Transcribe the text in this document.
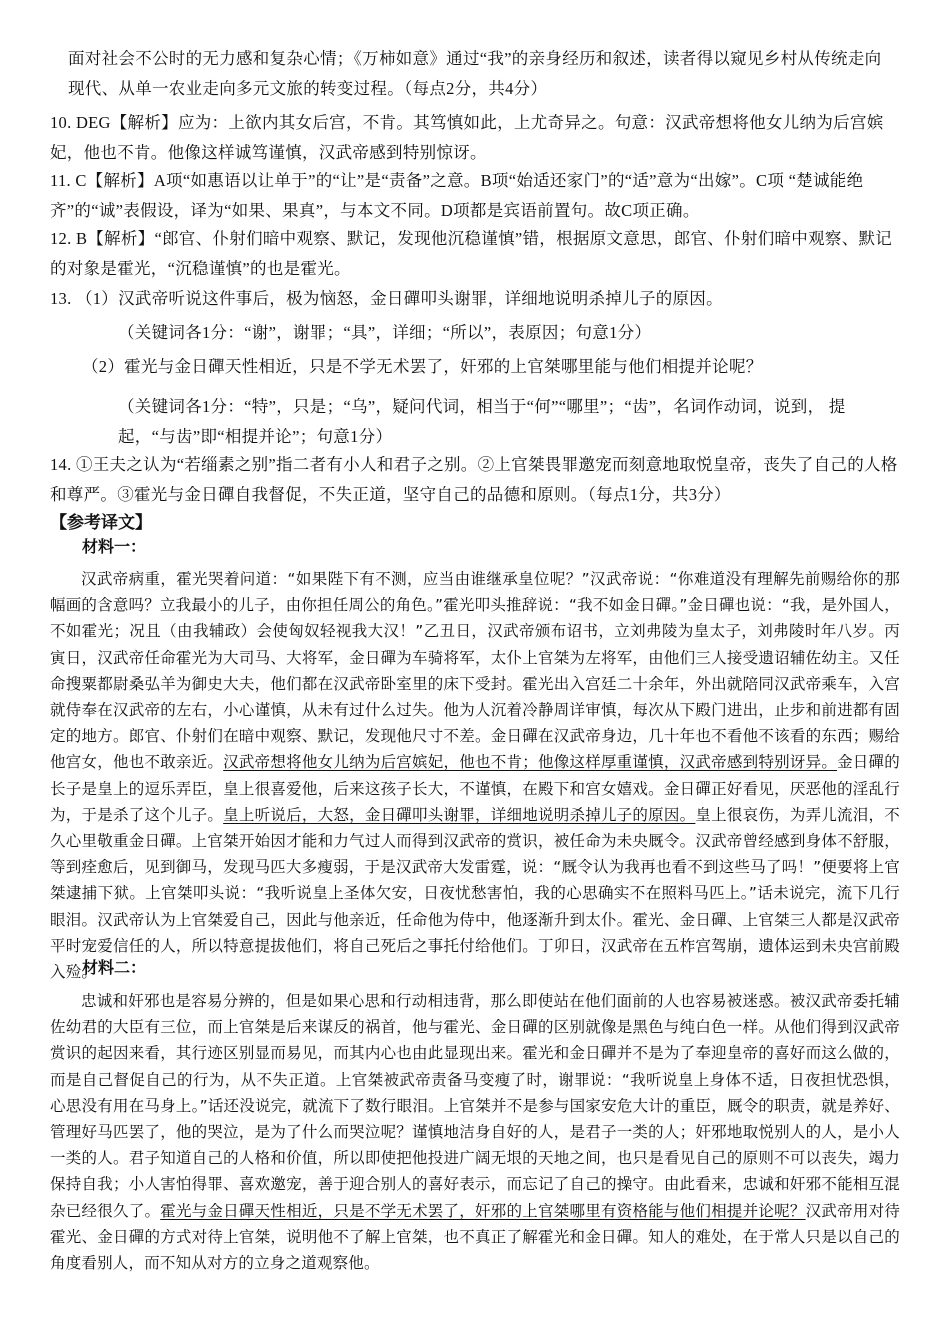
面对社会不公时的无力感和复杂心情；《万柿如意》通过“我”的亲身经历和叙述，读者得以窥见乡村从传统走向现代、从单一农业走向多元文旅的转变过程。（每点2分，共4分）
10. DEG【解析】应为：上欲内其女后宫，不肯。其笃慎如此，上尤奇异之。句意：汉武帝想将他女儿纳为后宫嫔妃，他也不肯。他像这样诚笃谨慎，汉武帝感到特别惊讶。
11. C【解析】A项“如惠语以让单于”的“让”是“责备”之意。B项“始适还家门”的“适”意为“出嫁”。C项 “楚诚能绝齐”的“诚”表假设，译为“如果、果真”，与本文不同。D项都是宾语前置句。故C项正确。
12. B【解析】“郎官、仆射们暗中观察、默记，发现他沉稳谨慎”错，根据原文意思，郎官、仆射们暗中观察、默记 的对象是霍光，“沉稳谨慎”的也是霍光。
13. （1）汉武帝听说这件事后，极为恼怒，金日磾叩头谢罪，详细地说明杀掉儿子的原因。
（关键词各1分：“谢”，谢罪；“具”，详细；“所以”，表原因；句意1分）
（2）霍光与金日磾天性相近，只是不学无术罢了，奸邪的上官桀哪里能与他们相提并论呢？
（关键词各1分：“特”，只是；“乌”，疑问代词，相当于“何”“哪里”；“齿”，名词作动词，说到， 提起，“与齿”即“相提并论”；句意1分）
14. ①王夫之认为“若缁素之别”指二者有小人和君子之别。②上官桀畏罪邀宠而刻意地取悦皇帝，丧失了自己的人格 和尊严。③霍光与金日磾自我督促，不失正道，坚守自己的品德和原则。（每点1分，共3分）
【参考译文】
材料一：
汉武帝病重，霍光哭着问道：“如果陛下有不测，应当由谁继承皇位呢？”汉武帝说：“你难道没有理解先前赐给你的那幅画的含意吗？立我最小的儿子，由你担任周公的角色。”霍光叩头推辞说：“我不如金日磾。”金日磾也说：“我，是外国人，不如霍光；况且（由我辅政）会使匈奴轻视我大汉！”乙丑日，汉武帝颁布诏书，立刘弗陵为皇太子，刘弗陵时年八岁。丙寅日，汉武帝任命霍光为大司马、大将军，金日磾为车骑将军，太仆上官桀为左将军，由他们三人接受遗诏辅佐幼主。又任命搜粟都尉桑弘羊为御史大夫，他们都在汉武帝卧室里的床下受封。霍光出入宫廷二十余年，外出就陪同汉武帝乘车，入宫就侍奉在汉武帝的左右，小心谨慎，从未有过什么过失。他为人沉着冷静周详审慎，每次从下殿门进出，止步和前进都有固定的地方。郎官、仆射们在暗中观察、默记，发现他尺寸不差。金日磾在汉武帝身边，几十年也不看他不该看的东西；赐给他宫女，他也不敢亲近。汉武帝想将他女儿纳为后宫嫔妃，他也不肯；他像这样厚重谨慎，汉武帝感到特别讶异。金日磾的长子是皇上的逗乐弄臣，皇上很喜爱他，后来这孩子长大，不谨慎，在殿下和宫女嬉戏。金日磾正好看见，厌恶他的淫乱行为，于是杀了这个儿子。皇上听说后，大怒，金日磾叩头谢罪，详细地说明杀掉儿子的原因。皇上很哀伤，为弄儿流泪，不久心里敬重金日磾。上官桀开始因才能和力气过人而得到汉武帝的赏识，被任命为未央厩令。汉武帝曾经感到身体不舒服，等到痊愈后，见到御马，发现马匹大多瘦弱，于是汉武帝大发雷霆，说：“厩令认为我再也看不到这些马了吗！”便要将上官桀逮捕下狱。上官桀叩头说：“我听说皇上圣体欠安，日夜忧愁害怕，我的心思确实不在照料马匹上。”话未说完，流下几行眼泪。汉武帝认为上官桀爱自己，因此与他亲近，任命他为侍中，他逐渐升到太仆。霍光、金日磾、上官桀三人都是汉武帝平时宠爱信任的人，所以特意提拔他们，将自己死后之事托付给他们。丁卯日，汉武帝在五柞宫驾崩，遗体运到未央宫前殿入殓。
材料二：
忠诚和奸邪也是容易分辨的，但是如果心思和行动相违背，那么即使站在他们面前的人也容易被迷惑。被汉武帝委托辅佐幼君的大臣有三位，而上官桀是后来谋反的祸首，他与霍光、金日磾的区别就像是黑色与纯白色一样。从他们得到汉武帝赏识的起因来看，其行迹区别显而易见，而其内心也由此显现出来。霍光和金日磾并不是为了奉迎皇帝的喜好而这么做的，而是自己督促自己的行为，从不失正道。上官桀被武帝责备马变瘦了时，谢罪说：“我听说皇上身体不适，日夜担忧恐惧，心思没有用在马身上。”话还没说完，就流下了数行眼泪。上官桀并不是参与国家安危大计的重臣，厩令的职责，就是养好、管理好马匹罢了，他的哭泣，是为了什么而哭泣呢？谨慎地洁身自好的人，是君子一类的人；奸邪地取悦别人的人，是小人一类的人。君子知道自己的人格和价值，所以即使把他投进广阔无垠的天地之间，也只是看见自己的原则不可以丧失，竭力保持自我；小人害怕得罪、喜欢邀宠，善于迎合别人的喜好表示，而忘记了自己的操守。由此看来，忠诚和奸邪不能相互混杂已经很久了。霍光与金日磾天性相近，只是不学无术罢了，奸邪的上官桀哪里有资格能与他们相提并论呢？汉武帝用对待霍光、金日磾的方式对待上官桀，说明他不了解上官桀，也不真正了解霍光和金日磾。知人的难处，在于常人只是以自己的角度看别人，而不知从对方的立身之道观察他。
